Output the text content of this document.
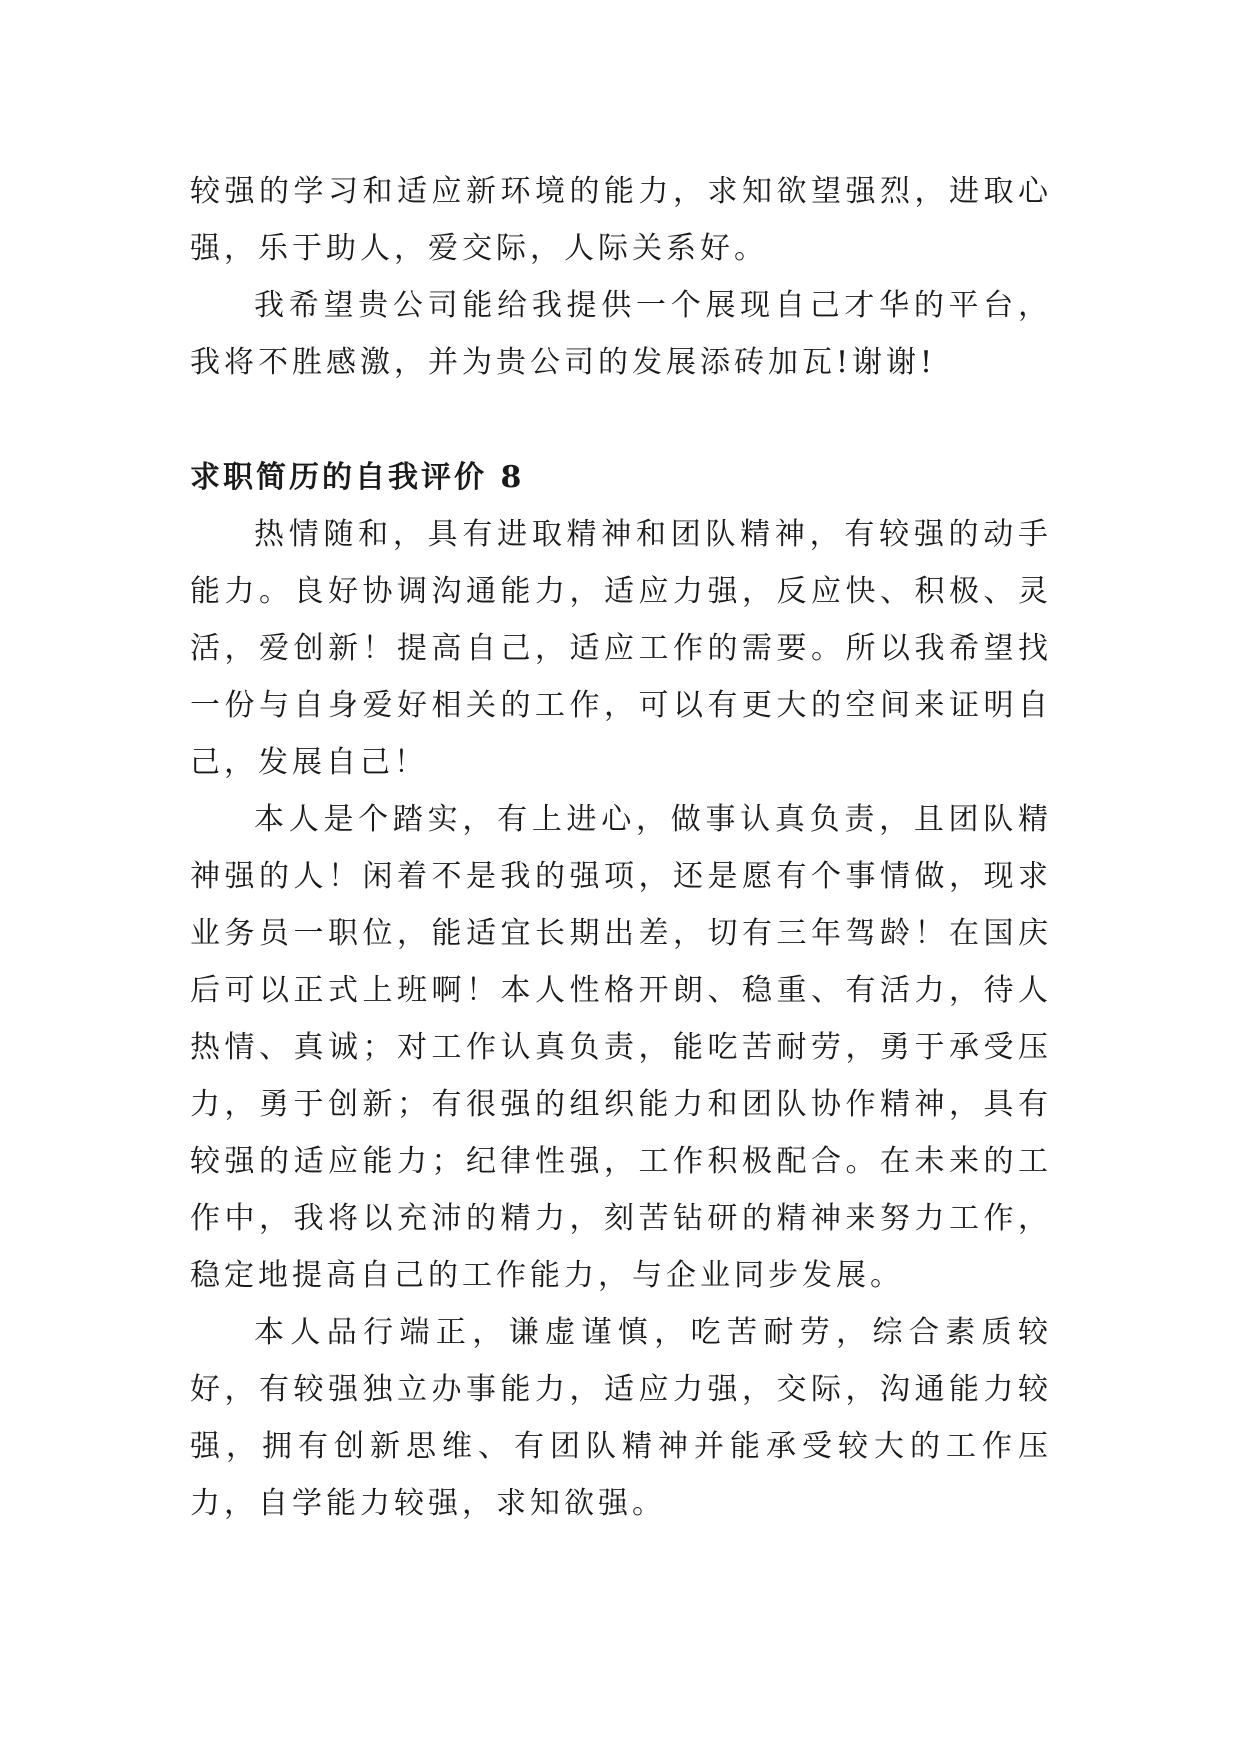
较强的学习和适应新环境的能力，求知欲望强烈，进取心强，乐于助人，爱交际，人际关系好。

我希望贵公司能给我提供一个展现自己才华的平台，我将不胜感激，并为贵公司的发展添砖加瓦!谢谢!

求职简历的自我评价 8

热情随和，具有进取精神和团队精神，有较强的动手能力。良好协调沟通能力，适应力强，反应快、积极、灵活，爱创新！提高自己，适应工作的需要。所以我希望找一份与自身爱好相关的工作，可以有更大的空间来证明自己，发展自己！

本人是个踏实，有上进心，做事认真负责，且团队精神强的人！闲着不是我的强项，还是愿有个事情做，现求业务员一职位，能适宜长期出差，切有三年驾龄！在国庆后可以正式上班啊！本人性格开朗、稳重、有活力，待人热情、真诚；对工作认真负责，能吃苦耐劳，勇于承受压力，勇于创新；有很强的组织能力和团队协作精神，具有较强的适应能力；纪律性强，工作积极配合。在未来的工作中，我将以充沛的精力，刻苦钻研的精神来努力工作，稳定地提高自己的工作能力，与企业同步发展。

本人品行端正，谦虚谨慎，吃苦耐劳，综合素质较好，有较强独立办事能力，适应力强，交际，沟通能力较强，拥有创新思维、有团队精神并能承受较大的工作压力，自学能力较强，求知欲强。
